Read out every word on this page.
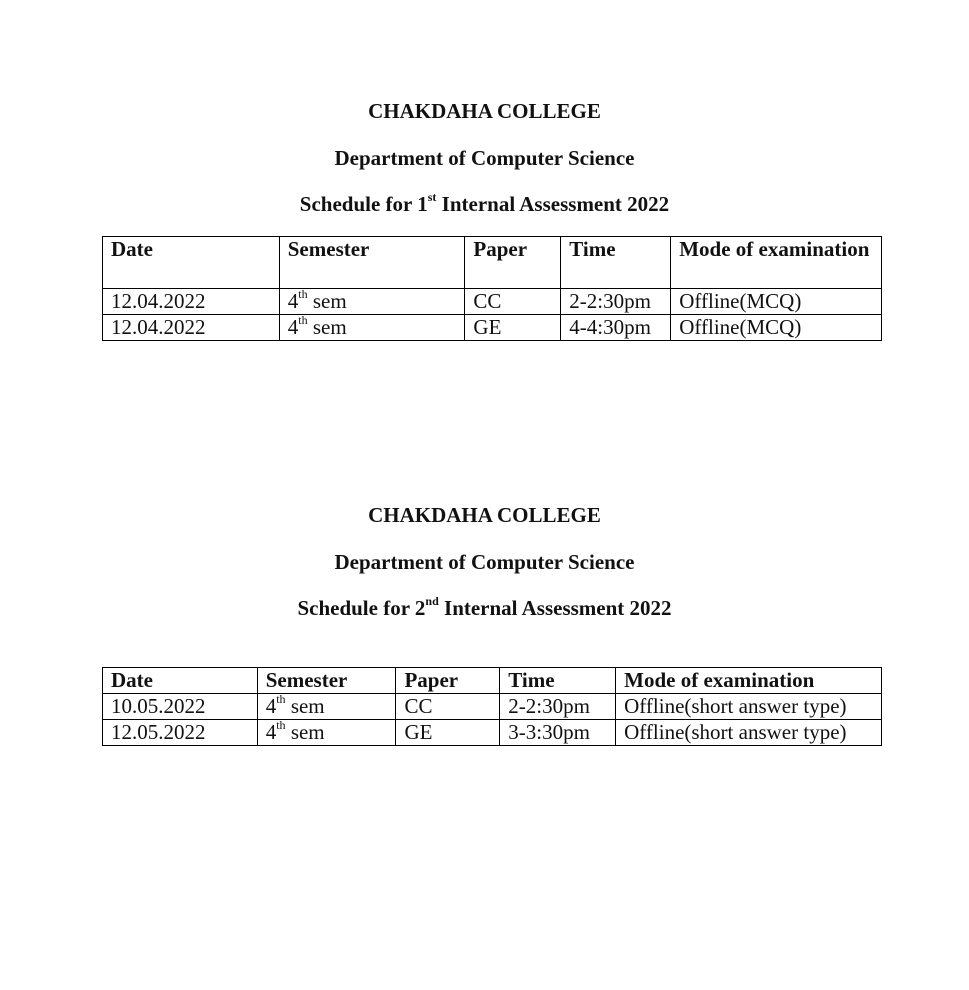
CHAKDAHA COLLEGE
Department of Computer Science
Schedule for 1st Internal Assessment 2022
Date	Semester	Paper	Time	Mode of examination
12.04.2022	4th sem	CC	2-2:30pm	Offline(MCQ)
12.04.2022	4th sem	GE	4-4:30pm	Offline(MCQ)
CHAKDAHA COLLEGE
Department of Computer Science
Schedule for 2nd Internal Assessment 2022
Date	Semester	Paper	Time	Mode of examination
10.05.2022	4th sem	CC	2-2:30pm	Offline(short answer type)
12.05.2022	4th sem	GE	3-3:30pm	Offline(short answer type)
